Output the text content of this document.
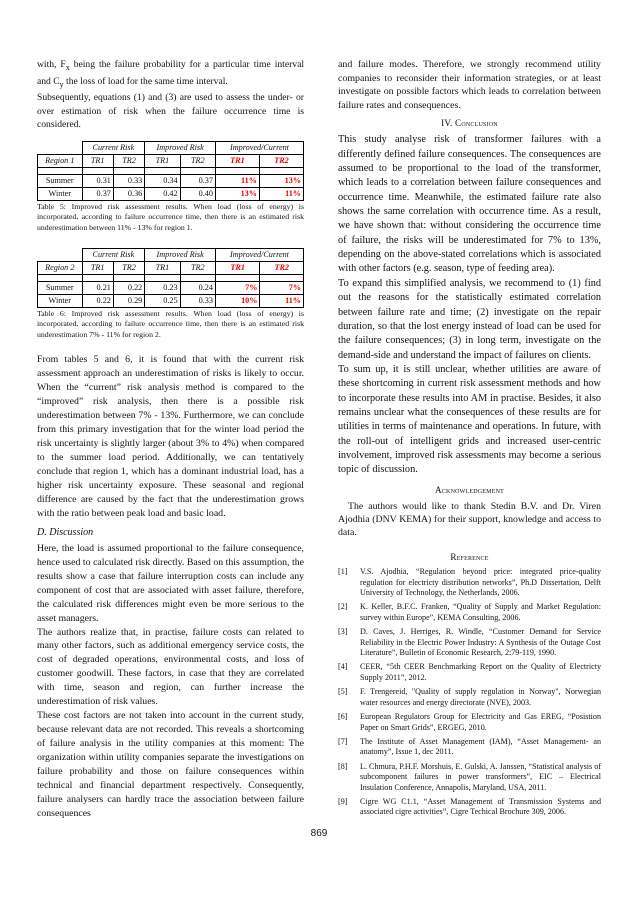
with, $F_x$ being the failure probability for a particular time interval and $C_y$ the loss of load for the same time interval.

Subsequently, equations (1) and (3) are used to assess the under- or over estimation of risk when the failure occurrence time is considered.

	Current Risk		Improved Risk		Improved/Current	
Region 1	TR1	TR2	TR1	TR2	TR1	TR2

Summer	0.31	0.33	0.34	0.37	11%	13%
Winter	0.37	0.36	0.42	0.40	13%	11%
Table 5: Improved risk assessment results. When load (loss of energy) is incorporated, according to failure occurrence time, then there is an estimated risk underestimation between 11% - 13% for region 1.
	Current Risk		Improved Risk		Improved/Current	
Region 2	TR1	TR2	TR1	TR2	TR1	TR2

Summer	0.21	0.22	0.23	0.24	7%	7%
Winter	0.22	0.29	0.25	0.33	10%	11%
Table 6: Improved risk assessment results. When load (loss of energy) is incorporated, according to failure occurrence time, then there is an estimated risk underestimation 7% - 11% for region 2.

From tables 5 and 6, it is found that with the current risk assessment approach an underestimation of risks is likely to occur. When the “current” risk analysis method is compared to the “improved” risk analysis, then there is a possible risk underestimation between 7% - 13%. Furthermore, we can conclude from this primary investigation that for the winter load period the risk uncertainty is slightly larger (about 3% to 4%) when compared to the summer load period. Additionally, we can tentatively conclude that region 1, which has a dominant industrial load, has a higher risk uncertainty exposure. These seasonal and regional difference are caused by the fact that the underestimation grows with the ratio between peak load and basic load.

D. Discussion

Here, the load is assumed proportional to the failure consequence, hence used to calculated risk directly. Based on this assumption, the results show a case that failure interruption costs can include any component of cost that are associated with asset failure, therefore, the calculated risk differences might even be more serious to the asset managers.

The authors realize that, in practise, failure costs can related to many other factors, such as additional emergency service costs, the cost of degraded operations, environmental costs, and loss of customer goodwill. These factors, in case that they are correlated with time, season and region, can further increase the underestimation of risk values.

These cost factors are not taken into account in the current study, because relevant data are not recorded. This reveals a shortcoming of failure analysis in the utility companies at this moment: The organization within utility companies separate the investigations on failure probability and those on failure consequences within technical and financial department respectively. Consequently, failure analysers can hardly trace the association between failure consequences

and failure modes. Therefore, we strongly recommend utility companies to reconsider their information strategies, or at least investigate on possible factors which leads to correlation between failure rates and consequences.

IV. Conclusion

This study analyse risk of transformer failures with a differently defined failure consequences. The consequences are assumed to be proportional to the load of the transformer, which leads to a correlation between failure consequences and occurrence time. Meanwhile, the estimated failure rate also shows the same correlation with occurrence time. As a result, we have shown that: without considering the occurrence time of failure, the risks will be underestimated for 7% to 13%, depending on the above-stated correlations which is associated with other factors (e.g. season, type of feeding area).

To expand this simplified analysis, we recommend to (1) find out the reasons for the statistically estimated correlation between failure rate and time; (2) investigate on the repair duration, so that the lost energy instead of load can be used for the failure consequences; (3) in long term, investigate on the demand-side and understand the impact of failures on clients.

To sum up, it is still unclear, whether utilities are aware of these shortcoming in current risk assessment methods and how to incorporate these results into AM in practise. Besides, it also remains unclear what the consequences of these results are for utilities in terms of maintenance and operations. In future, with the roll-out of intelligent grids and increased user-centric involvement, improved risk assessments may become a serious topic of discussion.

Acknowledgement

The authors would like to thank Stedin B.V. and Dr. Viren Ajodhia (DNV KEMA) for their support, knowledge and access to data.

Reference
[1]	V.S. Ajodhia, “Regulation beyond price: integrated price-quality regulation for electricty distribution networks”, Ph.D Dissertation, Delft University of Technology, the Netherlands, 2006.
[2]	K. Keller, B.F.C. Franken, “Quality of Supply and Market Regulation: survey within Europe”, KEMA Consulting, 2006.
[3]	D. Caves, J. Herriges, R. Windle, “Customer Demand for Service Reliability in the Electric Power Industry: A Synthesis of the Outage Cost Literature”, Bulletin of Economic Research, 2:79-119, 1990.
[4]	CEER, “5th CEER Benchmarking Report on the Quality of Electricty Supply 2011”, 2012.
[5]	F. Trengereid, "Quality of supply regulation in Norway", Norwegian water resources and energy directorate (NVE), 2003.
[6]	European Regulators Group for Electricity and Gas EREG, “Posistion Paper on Smart Grids”, ERGEG, 2010.
[7]	The Institute of Asset Management (IAM), “Asset Management- an anatomy”, Issue 1, dec 2011.
[8]	L. Chmura, P.H.F. Morshuis, E. Gulski, A. Janssen, “Statistical analysis of subcomponent failures in power transformers”, EIC – Electrical Insulation Conference, Annapolis, Maryland, USA, 2011.
[9]	Cigre WG C1.1, “Asset Management of Transmission Systems and associated cigre activities”, Cigre Techical Brochure 309, 2006.
869
